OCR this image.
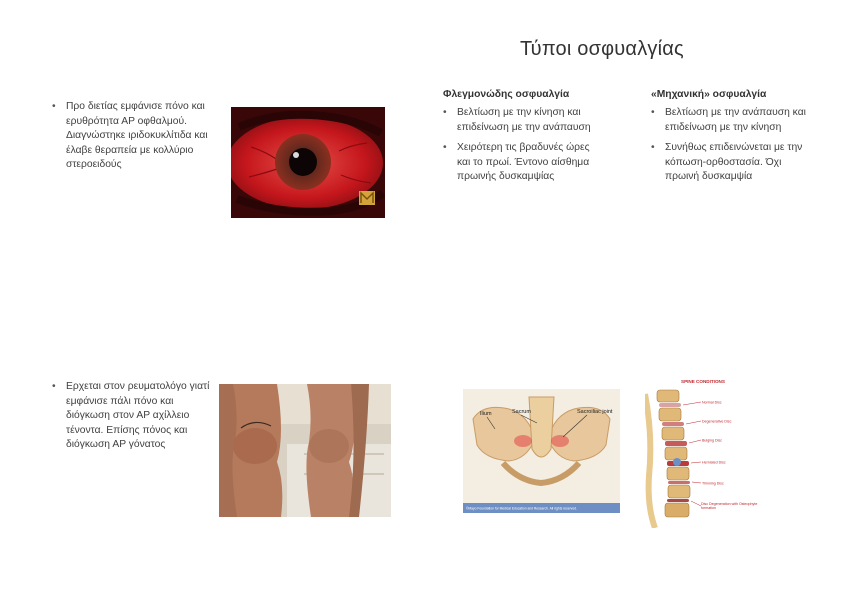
Τύποι οσφυαλγίας
• Προ διετίας εμφάνισε πόνο και ερυθρότητα ΑΡ οφθαλμού. Διαγνώστηκε ιριδοκυκλίτιδα και έλαβε θεραπεία με κολλύριο στεροειδούς
Φλεγμονώδης οσφυαλγία	«Μηχανική» οσφυαλγία
• Βελτίωση με την κίνηση και επιδείνωση με την ανάπαυση
• Χειρότερη τις βραδυνές ώρες και το πρωί. Έντονο αίσθημα πρωινής δυσκαμψίας
• Βελτίωση με την ανάπαυση και επιδείνωση με την κίνηση
• Συνήθως επιδεινώνεται με την κόπωση-ορθοστασία. Όχι πρωινή δυσκαμψία
• Ερχεται στον ρευματολόγο γιατί εμφάνισε πάλι πόνο και διόγκωση στον ΑΡ αχίλλειο τένοντα. Επίσης πόνος και διόγκωση ΑΡ γόνατος
Ilium	Sacrum	Sacroiliac joint
©Mayo Foundation for Medical Education and Research. All rights reserved.
SPINE CONDITIONS
Normal Disc
Degenerative Disc
Bulging Disc
Herniated Disc
Thinning Disc
Disc Degeneration with Osteophyte formation
